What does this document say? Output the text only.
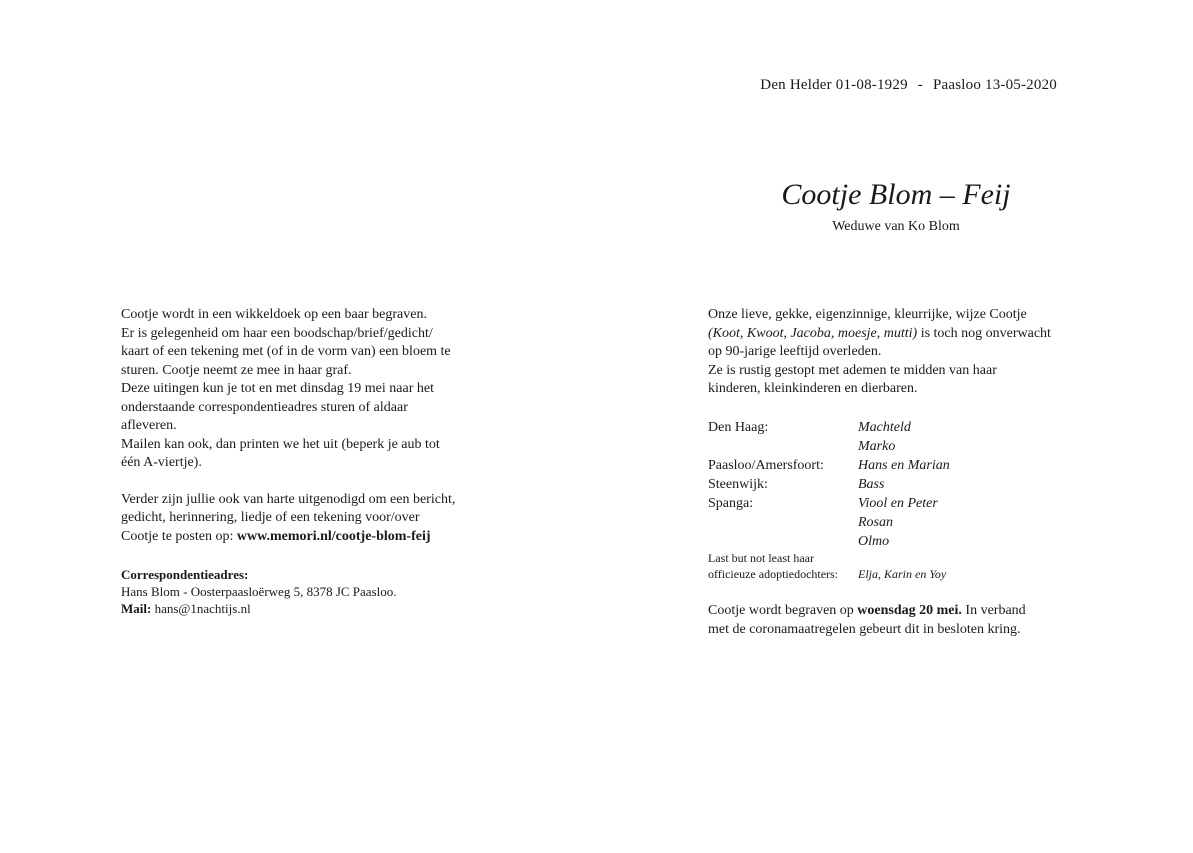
Den Helder 01-08-1929 - Paasloo 13-05-2020
Cootje Blom – Feij
Weduwe van Ko Blom

Cootje wordt in een wikkeldoek op een baar begraven.

Er is gelegenheid om haar een boodschap/brief/gedicht/

kaart of een tekening met (of in de vorm van) een bloem te

sturen. Cootje neemt ze mee in haar graf.

Deze uitingen kun je tot en met dinsdag 19 mei naar het

onderstaande correspondentieadres sturen of aldaar

afleveren.

Mailen kan ook, dan printen we het uit (beperk je aub tot

één A-viertje).

Verder zijn jullie ook van harte uitgenodigd om een bericht,

gedicht, herinnering, liedje of een tekening voor/over

Cootje te posten op: www.memori.nl/cootje-blom-feij

Correspondentieadres:

Hans Blom - Oosterpaasloërweg 5, 8378 JC Paasloo.

Mail: hans@1nachtijs.nl

Onze lieve, gekke, eigenzinnige, kleurrijke, wijze Cootje

(Koot, Kwoot, Jacoba, moesje, mutti) is toch nog onverwacht

op 90-jarige leeftijd overleden.

Ze is rustig gestopt met ademen te midden van haar

kinderen, kleinkinderen en dierbaren.

Den Haag:	Machteld
Marko
Paasloo/Amersfoort:	Hans en Marian
Steenwijk:	Bass
Spanga:	Viool en Peter
Rosan
Olmo
Last but not least haar
officieuze adoptiedochters:	Elja, Karin en Yoy

Cootje wordt begraven op woensdag 20 mei. In verband

met de coronamaatregelen gebeurt dit in besloten kring.
